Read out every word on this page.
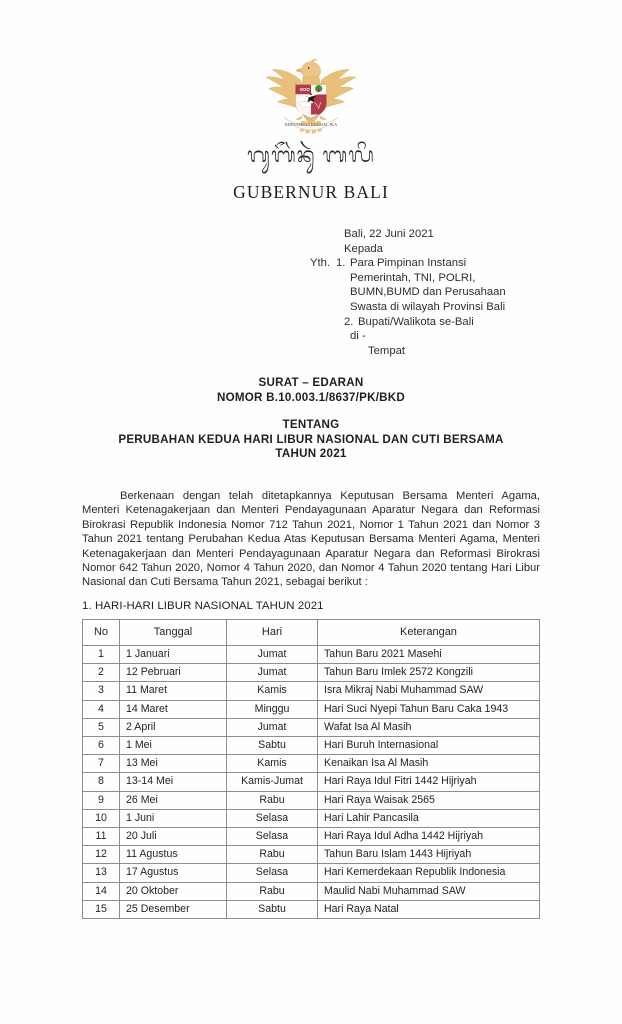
BHINNEKA TUNGGAL IKA
ᬕᬸᬩᭂᬃᬦᬸᬃ ᬩᬮᬶ
GUBERNUR BALI
Bali, 22 Juni 2021
Kepada
Yth. 1. Para Pimpinan Instansi
Pemerintah, TNI, POLRI,
BUMN,BUMD dan Perusahaan
Swasta di wilayah Provinsi Bali
2. Bupati/Walikota se-Bali
di -
Tempat
SURAT – EDARAN
NOMOR B.10.003.1/8637/PK/BKD
TENTANG
PERUBAHAN KEDUA HARI LIBUR NASIONAL DAN CUTI BERSAMA
TAHUN 2021
Berkenaan dengan telah ditetapkannya Keputusan Bersama Menteri Agama, Menteri Ketenagakerjaan dan Menteri Pendayagunaan Aparatur Negara dan Reformasi Birokrasi Republik Indonesia Nomor 712 Tahun 2021, Nomor 1 Tahun 2021 dan Nomor 3 Tahun 2021 tentang Perubahan Kedua Atas Keputusan Bersama Menteri Agama, Menteri Ketenagakerjaan dan Menteri Pendayagunaan Aparatur Negara dan Reformasi Birokrasi Nomor 642 Tahun 2020, Nomor 4 Tahun 2020, dan Nomor 4 Tahun 2020 tentang Hari Libur Nasional dan Cuti Bersama Tahun 2021, sebagai berikut :
1. HARI-HARI LIBUR NASIONAL TAHUN 2021
No	Tanggal	Hari	Keterangan
1	1 Januari	Jumat	Tahun Baru 2021 Masehi
2	12 Pebruari	Jumat	Tahun Baru Imlek 2572 Kongzili
3	11 Maret	Kamis	Isra Mikraj Nabi Muhammad SAW
4	14 Maret	Minggu	Hari Suci Nyepi Tahun Baru Caka 1943
5	2 April	Jumat	Wafat Isa Al Masih
6	1 Mei	Sabtu	Hari Buruh Internasional
7	13 Mei	Kamis	Kenaikan Isa Al Masih
8	13-14 Mei	Kamis-Jumat	Hari Raya Idul Fitri 1442 Hijriyah
9	26 Mei	Rabu	Hari Raya Waisak 2565
10	1 Juni	Selasa	Hari Lahir Pancasila
11	20 Juli	Selasa	Hari Raya Idul Adha 1442 Hijriyah
12	11 Agustus	Rabu	Tahun Baru Islam 1443 Hijriyah
13	17 Agustus	Selasa	Hari Kemerdekaan Republik Indonesia
14	20 Oktober	Rabu	Maulid Nabi Muhammad SAW
15	25 Desember	Sabtu	Hari Raya Natal
